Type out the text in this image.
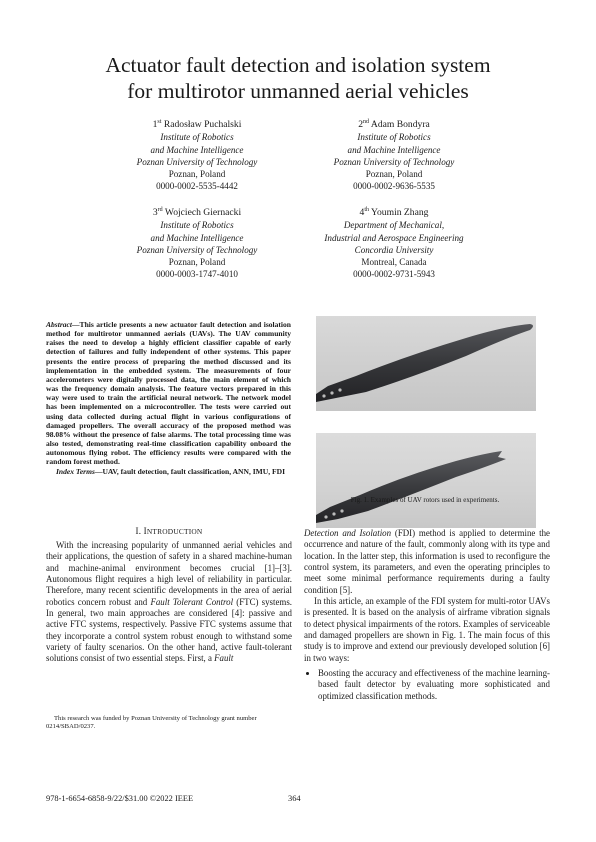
Actuator fault detection and isolation system
for multirotor unmanned aerial vehicles
1st Radosław Puchalski
Institute of Robotics
and Machine Intelligence
Poznan University of Technology
Poznan, Poland
0000-0002-5535-4442
2nd Adam Bondyra
Institute of Robotics
and Machine Intelligence
Poznan University of Technology
Poznan, Poland
0000-0002-9636-5535
3rd Wojciech Giernacki
Institute of Robotics
and Machine Intelligence
Poznan University of Technology
Poznan, Poland
0000-0003-1747-4010
4th Youmin Zhang
Department of Mechanical,
Industrial and Aerospace Engineering
Concordia University
Montreal, Canada
0000-0002-9731-5943
Abstract—This article presents a new actuator fault detection and isolation method for multirotor unmanned aerials (UAVs). The UAV community raises the need to develop a highly efficient classifier capable of early detection of failures and fully independent of other systems. This paper presents the entire process of preparing the method discussed and its implementation in the embedded system. The measurements of four accelerometers were digitally processed data, the main element of which was the frequency domain analysis. The feature vectors prepared in this way were used to train the artificial neural network. The network model has been implemented on a microcontroller. The tests were carried out using data collected during actual flight in various configurations of damaged propellers. The overall accuracy of the proposed method was 98.08% without the presence of false alarms. The total processing time was also tested, demonstrating real-time classification capability onboard the autonomous flying robot. The efficiency results were compared with the random forest method.
Index Terms—UAV, fault detection, fault classification, ANN, IMU, FDI
Fig. 1. Examples of UAV rotors used in experiments.
I. INTRODUCTION

With the increasing popularity of unmanned aerial vehicles and their applications, the question of safety in a shared machine-human and machine-animal environment becomes crucial [1]–[3]. Autonomous flight requires a high level of reliability in particular. Therefore, many recent scientific developments in the area of aerial robotics concern robust and Fault Tolerant Control (FTC) systems. In general, two main approaches are considered [4]: passive and active FTC systems, respectively. Passive FTC systems assume that they incorporate a control system robust enough to withstand some variety of faulty scenarios. On the other hand, active fault-tolerant solutions consist of two essential steps. First, a Fault

This research was funded by Poznan University of Technology grant number 0214/SBAD/0237.

Detection and Isolation (FDI) method is applied to determine the occurrence and nature of the fault, commonly along with its type and location. In the latter step, this information is used to reconfigure the control system, its parameters, and even the operating principles to meet some minimal performance requirements during a faulty condition [5].

In this article, an example of the FDI system for multi-rotor UAVs is presented. It is based on the analysis of airframe vibration signals to detect physical impairments of the rotors. Examples of serviceable and damaged propellers are shown in Fig. 1. The main focus of this study is to improve and extend our previously developed solution [6] in two ways:

• Boosting the accuracy and effectiveness of the machine learning-based fault detector by evaluating more sophisticated and optimized classification methods.
978-1-6654-6858-9/22/$31.00 ©2022 IEEE	364
